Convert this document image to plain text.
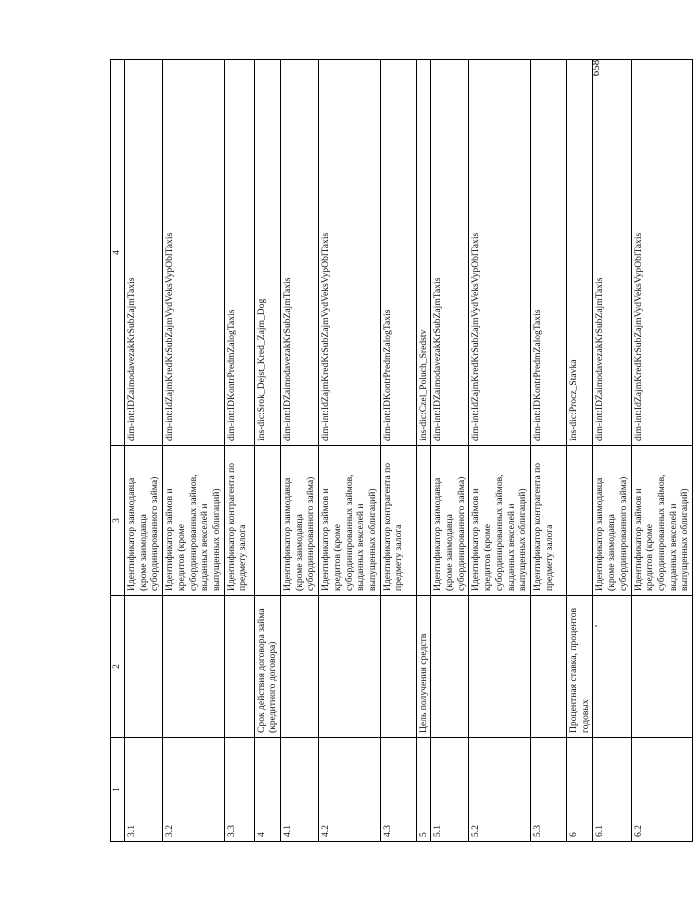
658
1	2	3	4
3.1		Идентификатор заимодавца (кроме заимодавца субординированного займа)	dim-int:IDZaimodavezakKrSubZajmTaxis
3.2		Идентификатор займов и кредитов (кроме субординированных займов, выданных векселей и выпущенных облигаций)	dim-int:IdZajmKredKrSubZajmVydVeksVypOblTaxis
3.3		Идентификатор контрагента по предмету залога	dim-int:IDKontrPredmZalogTaxis
4	Срок действия договора займа (кредитного договора)		ins-dic:Srok_Dejst_Kred_Zajm_Dog
4.1		Идентификатор заимодавца (кроме заимодавца субординированного займа)	dim-int:IDZaimodavezakKrSubZajmTaxis
4.2		Идентификатор займов и кредитов (кроме субординированных займов, выданных векселей и выпущенных облигаций)	dim-int:IdZajmKredKrSubZajmVydVeksVypOblTaxis
4.3		Идентификатор контрагента по предмету залога	dim-int:IDKontrPredmZalogTaxis
5	Цель получения средств		ins-dic:Czel_Poluch_Sredstv
5.1		Идентификатор заимодавца (кроме заимодавца субординированного займа)	dim-int:IDZaimodavezakKrSubZajmTaxis
5.2		Идентификатор займов и кредитов (кроме субординированных займов, выданных векселей и выпущенных облигаций)	dim-int:IdZajmKredKrSubZajmVydVeksVypOblTaxis
5.3		Идентификатор контрагента по предмету залога	dim-int:IDKontrPredmZalogTaxis
6	Процентная ставка, процентов годовых		ins-dic:Procz_Stavka
6.1		Идентификатор заимодавца (кроме заимодавца субординированного займа)	dim-int:IDZaimodavezakKrSubZajmTaxis
6.2		Идентификатор займов и кредитов (кроме субординированных займов, выданных векселей и выпущенных облигаций)	dim-int:IdZajmKredKrSubZajmVydVeksVypOblTaxis
